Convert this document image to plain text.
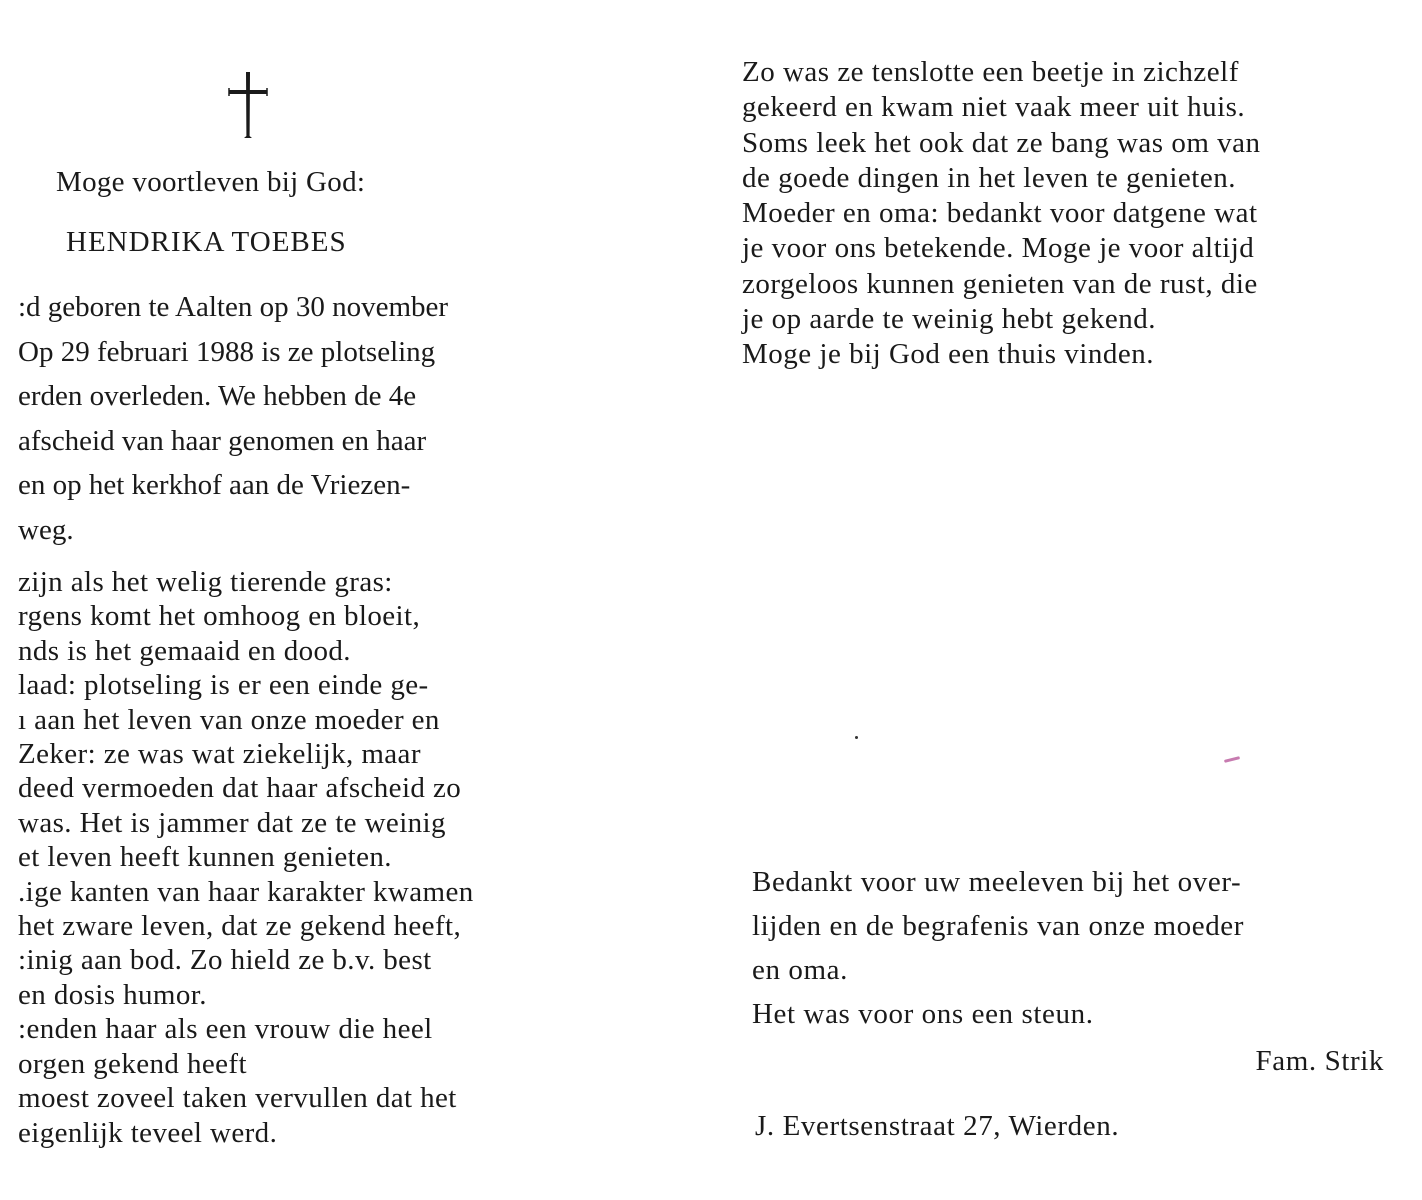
Moge voortleven bij God:
HENDRIKA TOEBES
:d geboren te Aalten op 30 november
Op 29 februari 1988 is ze plotseling
erden overleden. We hebben de 4e
afscheid van haar genomen en haar
en op het kerkhof aan de Vriezen-
weg.
zijn als het welig tierende gras:
rgens komt het omhoog en bloeit,
nds is het gemaaid en dood.
laad: plotseling is er een einde ge-
ı aan het leven van onze moeder en
Zeker: ze was wat ziekelijk, maar
deed vermoeden dat haar afscheid zo
was. Het is jammer dat ze te weinig
et leven heeft kunnen genieten.
.ige kanten van haar karakter kwamen
het zware leven, dat ze gekend heeft,
:inig aan bod. Zo hield ze b.v. best
en dosis humor.
:enden haar als een vrouw die heel
orgen gekend heeft
moest zoveel taken vervullen dat het
eigenlijk teveel werd.
Zo was ze tenslotte een beetje in zichzelf
gekeerd en kwam niet vaak meer uit huis.
Soms leek het ook dat ze bang was om van
de goede dingen in het leven te genieten.
Moeder en oma: bedankt voor datgene wat
je voor ons betekende. Moge je voor altijd
zorgeloos kunnen genieten van de rust, die
je op aarde te weinig hebt gekend.
Moge je bij God een thuis vinden.
Bedankt voor uw meeleven bij het over-
lijden en de begrafenis van onze moeder
en oma.
Het was voor ons een steun.
Fam. Strik
J. Evertsenstraat 27, Wierden.
